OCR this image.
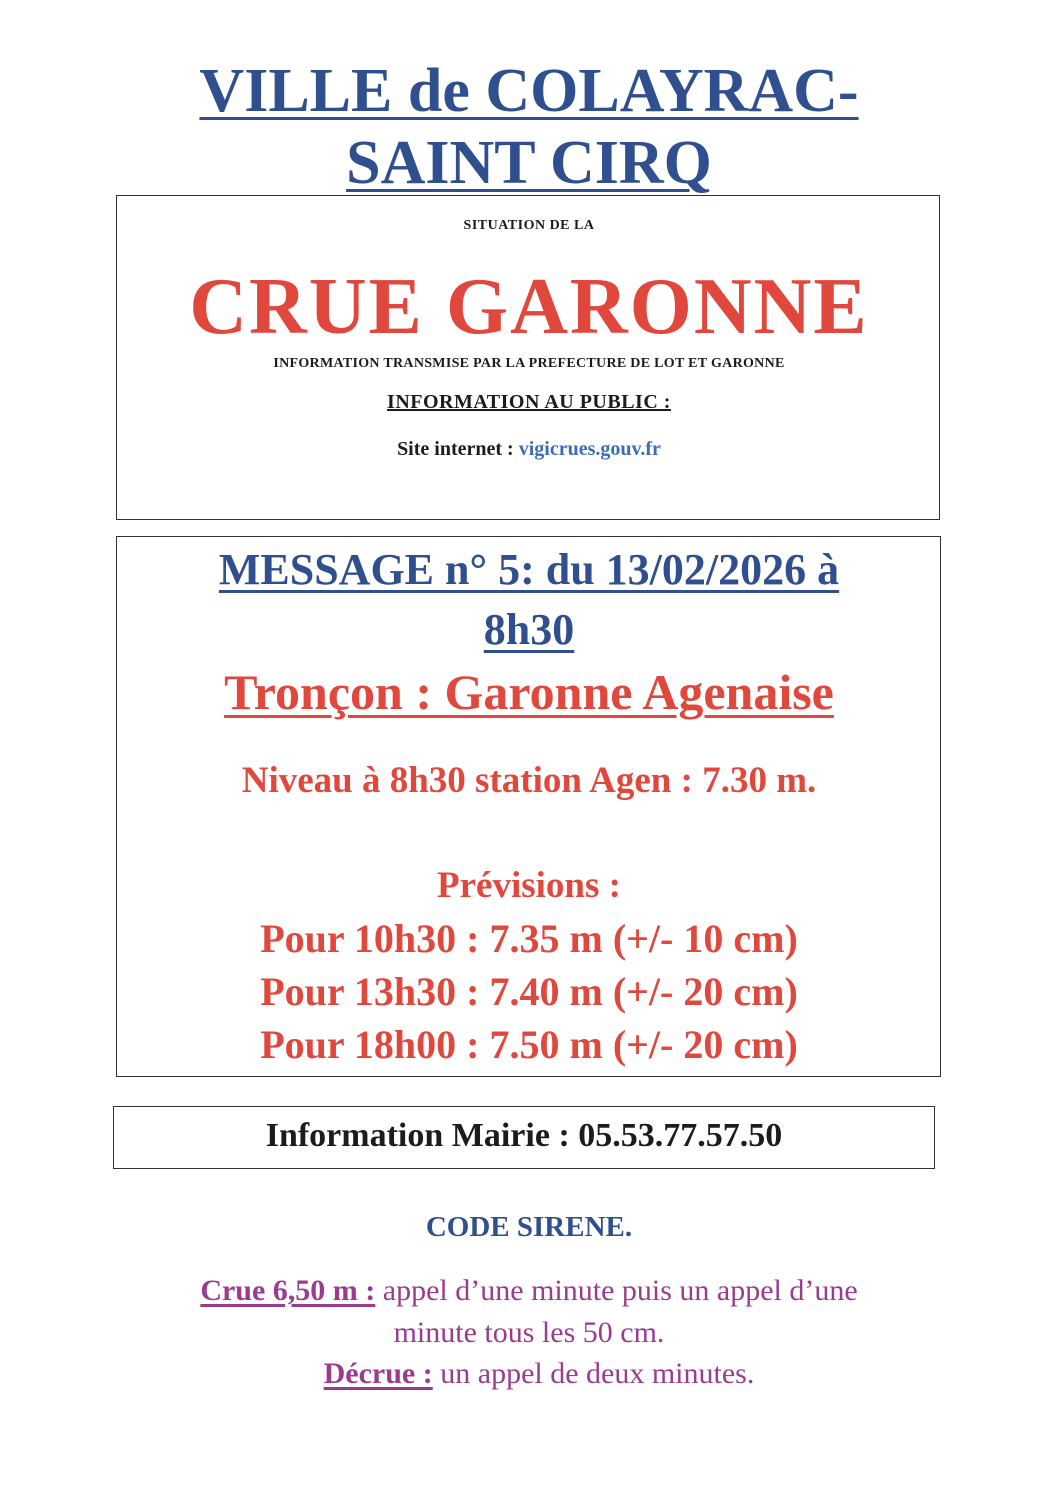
VILLE de COLAYRAC-
SAINT CIRQ
SITUATION DE LA
CRUE GARONNE
INFORMATION TRANSMISE PAR LA PREFECTURE DE LOT ET GARONNE
INFORMATION AU PUBLIC :
Site internet : vigicrues.gouv.fr
MESSAGE n° 5: du 13/02/2026 à
8h30
Tronçon : Garonne Agenaise
Niveau à 8h30 station Agen : 7.30 m.
Prévisions :
Pour 10h30 : 7.35 m (+/- 10 cm)
Pour 13h30 : 7.40 m (+/- 20 cm)
Pour 18h00 : 7.50 m (+/- 20 cm)
Information Mairie : 05.53.77.57.50
CODE SIRENE.
Crue 6,50 m : appel d’une minute puis un appel d’une
minute tous les 50 cm.
Décrue : un appel de deux minutes.
